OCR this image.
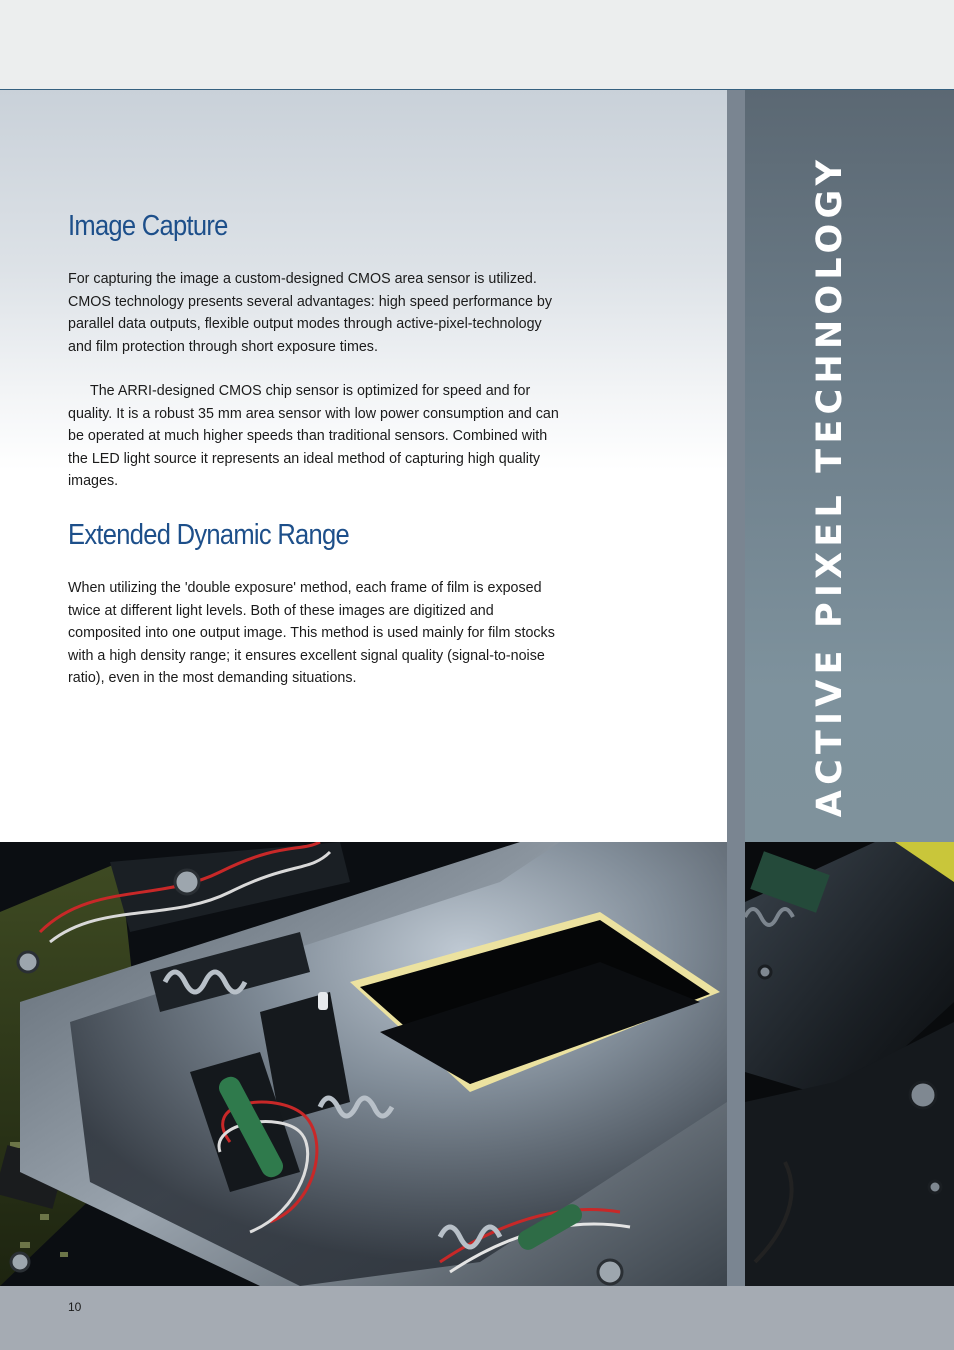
ACTIVE PIXEL TECHNOLOGY
Image Capture

For capturing the image a custom-designed CMOS area sensor is utilized. CMOS technology presents several advantages: high speed performance by parallel data outputs, flexible output modes through active-pixel-technology and film protection through short exposure times.

The ARRI-designed CMOS chip sensor is optimized for speed and for quality. It is a robust 35 mm area sensor with low power consumption and can be operated at much higher speeds than traditional sensors. Combined with the LED light source it represents an ideal method of capturing high quality images.

Extended Dynamic Range

When utilizing the 'double exposure' method, each frame of film is exposed twice at different light levels. Both of these images are digitized and composited into one output image. This method is used mainly for film stocks with a high density range; it ensures excellent signal quality (signal-to-noise ratio), even in the most demanding situations.

10
